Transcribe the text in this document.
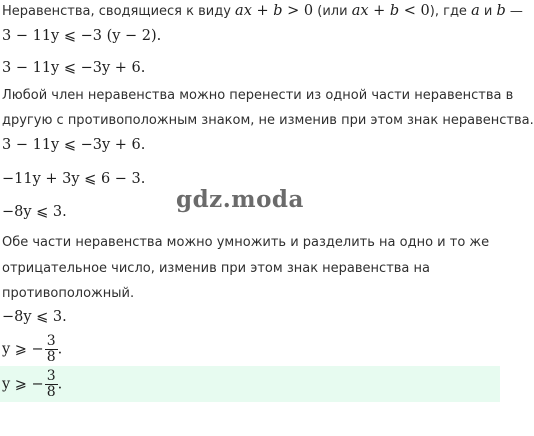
Неравенства, сводящиеся к виду ax + b > 0 (или ax + b < 0), где a и b —
3 − 11y ⩽ −3 (y − 2).
3 − 11y ⩽ −3y + 6.
Любой член неравенства можно перенести из одной части неравенства в
другую с противоположным знаком, не изменив при этом знак неравенства.
3 − 11y ⩽ −3y + 6.
−11y + 3y ⩽ 6 − 3.
−8y ⩽ 3.
Обе части неравенства можно умножить и разделить на одно и то же
отрицательное число, изменив при этом знак неравенства на
противоположный.
−8y ⩽ 3.
y ⩾ − $\frac{3}{8}$ .
y ⩾ − $\frac{3}{8}$ .
gdz.moda
